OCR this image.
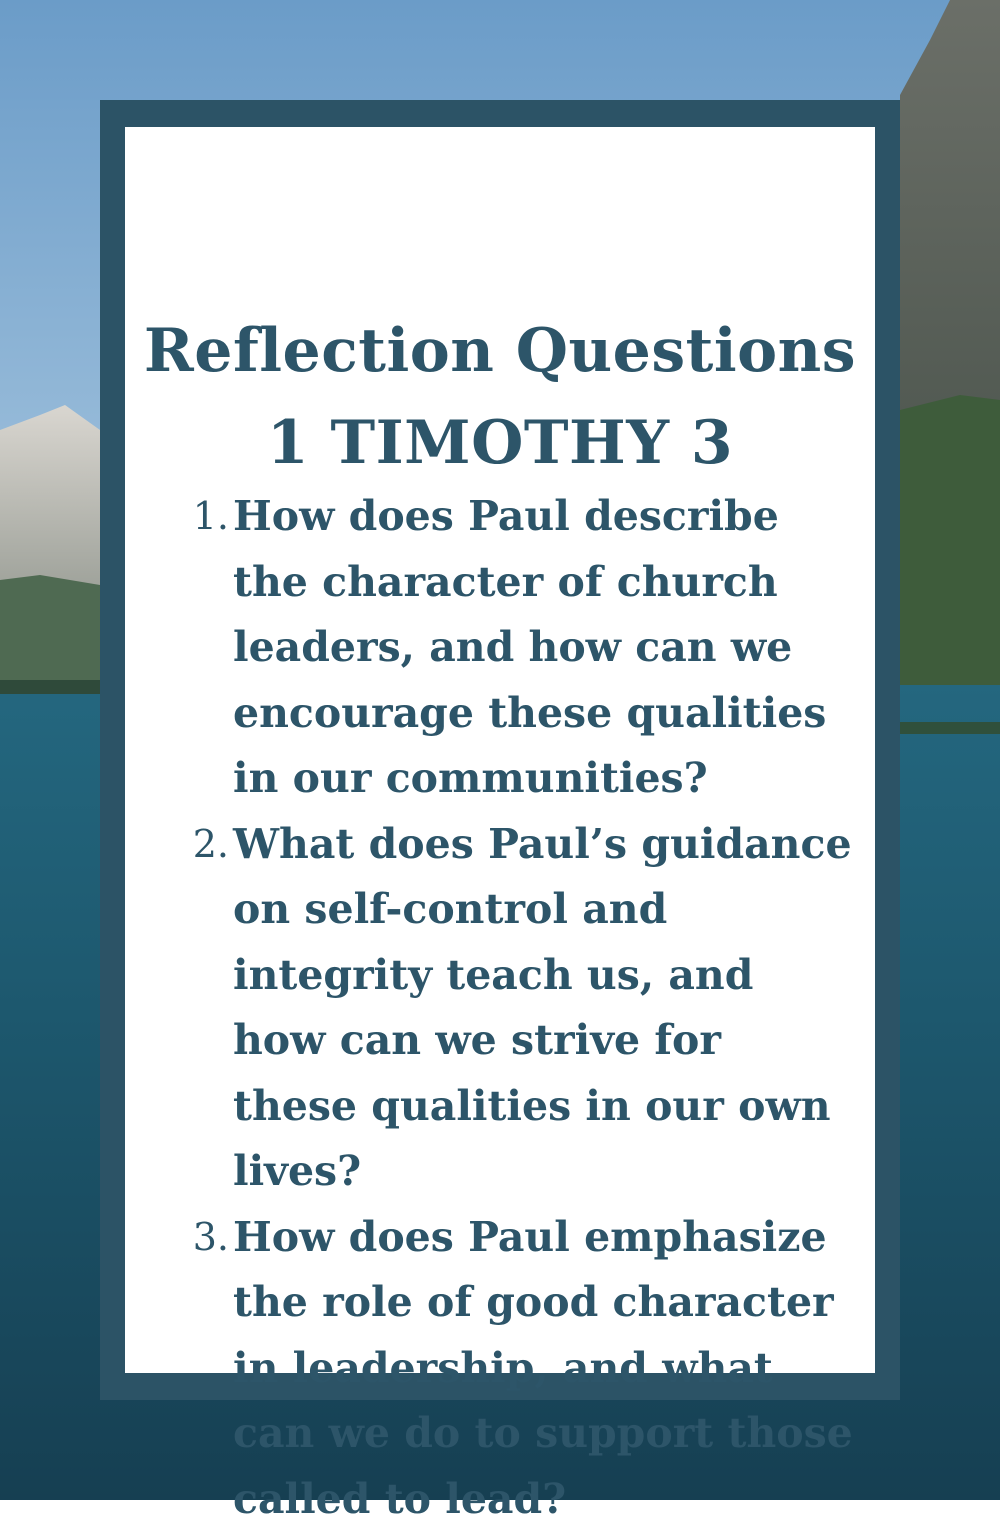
Reflection Questions
1 TIMOTHY 3
1. How does Paul describe the character of church leaders, and how can we encourage these qualities in our communities?
2. What does Paul’s guidance on self-control and integrity teach us, and how can we strive for these qualities in our own lives?
3. How does Paul emphasize the role of good character in leadership, and what can we do to support those called to lead?
